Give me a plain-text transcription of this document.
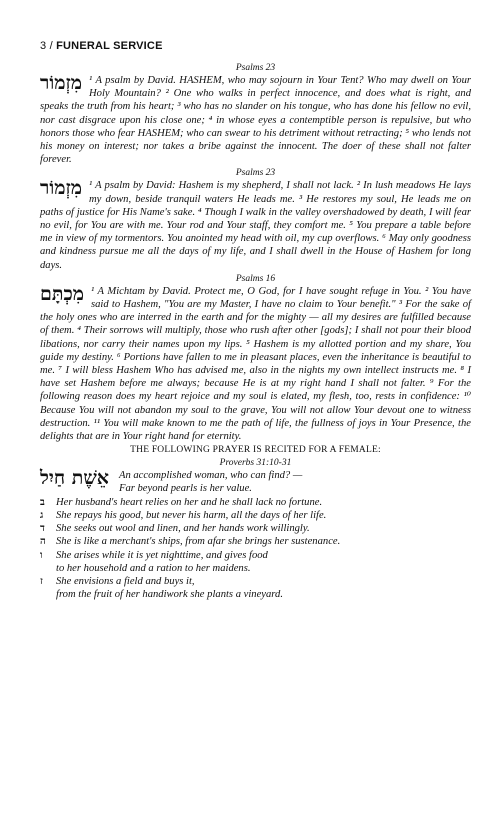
3 / FUNERAL SERVICE
Psalms 23

מִזְמוֹר ¹ A psalm by David. HASHEM, who may sojourn in Your Tent? Who may dwell on Your Holy Mountain? ² One who walks in perfect innocence, and does what is right, and speaks the truth from his heart; ³ who has no slander on his tongue, who has done his fellow no evil, nor cast disgrace upon his close one; ⁴ in whose eyes a contemptible person is repulsive, but who honors those who fear HASHEM; who can swear to his detriment without retracting; ⁵ who lends not his money on interest; nor takes a bribe against the innocent. The doer of these shall not falter forever.

Psalms 23

מִזְמוֹר ¹ A psalm by David: Hashem is my shepherd, I shall not lack. ² In lush meadows He lays my down, beside tranquil waters He leads me. ³ He restores my soul, He leads me on paths of justice for His Name's sake. ⁴ Though I walk in the valley overshadowed by death, I will fear no evil, for You are with me. Your rod and Your staff, they comfort me. ⁵ You prepare a table before me in view of my tormentors. You anointed my head with oil, my cup overflows. ⁶ May only goodness and kindness pursue me all the days of my life, and I shall dwell in the House of Hashem for long days.

Psalms 16

מִכְתָּם ¹ A Michtam by David. Protect me, O God, for I have sought refuge in You. ² You have said to Hashem, "You are my Master, I have no claim to Your benefit." ³ For the sake of the holy ones who are interred in the earth and for the mighty — all my desires are fulfilled because of them. ⁴ Their sorrows will multiply, those who rush after other [gods]; I shall not pour their blood libations, nor carry their names upon my lips. ⁵ Hashem is my allotted portion and my share, You guide my destiny. ⁶ Portions have fallen to me in pleasant places, even the inheritance is beautiful to me. ⁷ I will bless Hashem Who has advised me, also in the nights my own intellect instructs me. ⁸ I have set Hashem before me always; because He is at my right hand I shall not falter. ⁹ For the following reason does my heart rejoice and my soul is elated, my flesh, too, rests in confidence: ¹⁰ Because You will not abandon my soul to the grave, You will not allow Your devout one to witness destruction. ¹¹ You will make known to me the path of life, the fullness of joys in Your Presence, the delights that are in Your right hand for eternity.

THE FOLLOWING PRAYER IS RECITED FOR A FEMALE:
Proverbs 31:10-31
אֵשֶׁת חַיִל An accomplished woman, who can find? —
Far beyond pearls is her value.
ב	Her husband's heart relies on her and he shall lack no fortune.
ג	She repays his good, but never his harm, all the days of her life.
ד	She seeks out wool and linen, and her hands work willingly.
ה She is like a merchant's ships, from afar she brings her sustenance.
ו	She arises while it is yet nighttime, and gives food
to her household and a ration to her maidens.
ז	She envisions a field and buys it,
from the fruit of her handiwork she plants a vineyard.
